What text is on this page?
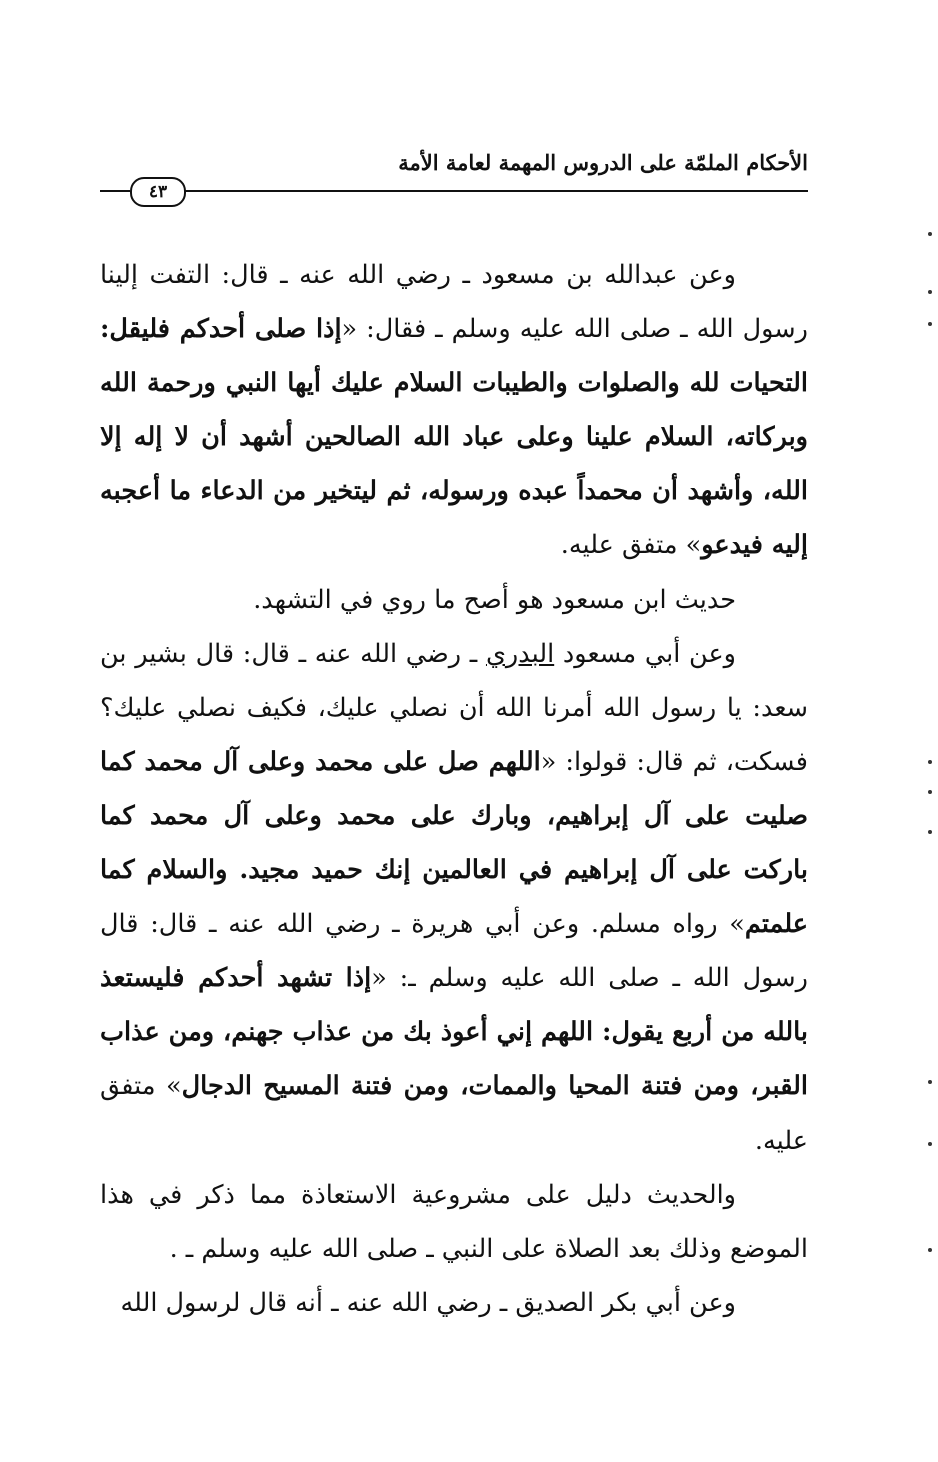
الأحكام الملمّة على الدروس المهمة لعامة الأمة
٤٣

وعن عبدالله بن مسعود ـ رضي الله عنه ـ قال: التفت إلينا رسول الله ـ صلى الله عليه وسلم ـ فقال: «إذا صلى أحدكم فليقل: التحيات لله والصلوات والطيبات السلام عليك أيها النبي ورحمة الله وبركاته، السلام علينا وعلى عباد الله الصالحين أشهد أن لا إله إلا الله، وأشهد أن محمداً عبده ورسوله، ثم ليتخير من الدعاء ما أعجبه إليه فيدعو» متفق عليه.

حديث ابن مسعود هو أصح ما روي في التشهد.

وعن أبي مسعود البدري ـ رضي الله عنه ـ قال: قال بشير بن سعد: يا رسول الله أمرنا الله أن نصلي عليك، فكيف نصلي عليك؟ فسكت، ثم قال: قولوا: «اللهم صل على محمد وعلى آل محمد كما صليت على آل إبراهيم، وبارك على محمد وعلى آل محمد كما باركت على آل إبراهيم في العالمين إنك حميد مجيد. والسلام كما علمتم» رواه مسلم. وعن أبي هريرة ـ رضي الله عنه ـ قال: قال رسول الله ـ صلى الله عليه وسلم ـ: «إذا تشهد أحدكم فليستعذ بالله من أربع يقول: اللهم إني أعوذ بك من عذاب جهنم، ومن عذاب القبر، ومن فتنة المحيا والممات، ومن فتنة المسيح الدجال» متفق عليه.

والحديث دليل على مشروعية الاستعاذة مما ذكر في هذا الموضع وذلك بعد الصلاة على النبي ـ صلى الله عليه وسلم ـ .

وعن أبي بكر الصديق ـ رضي الله عنه ـ أنه قال لرسول الله
